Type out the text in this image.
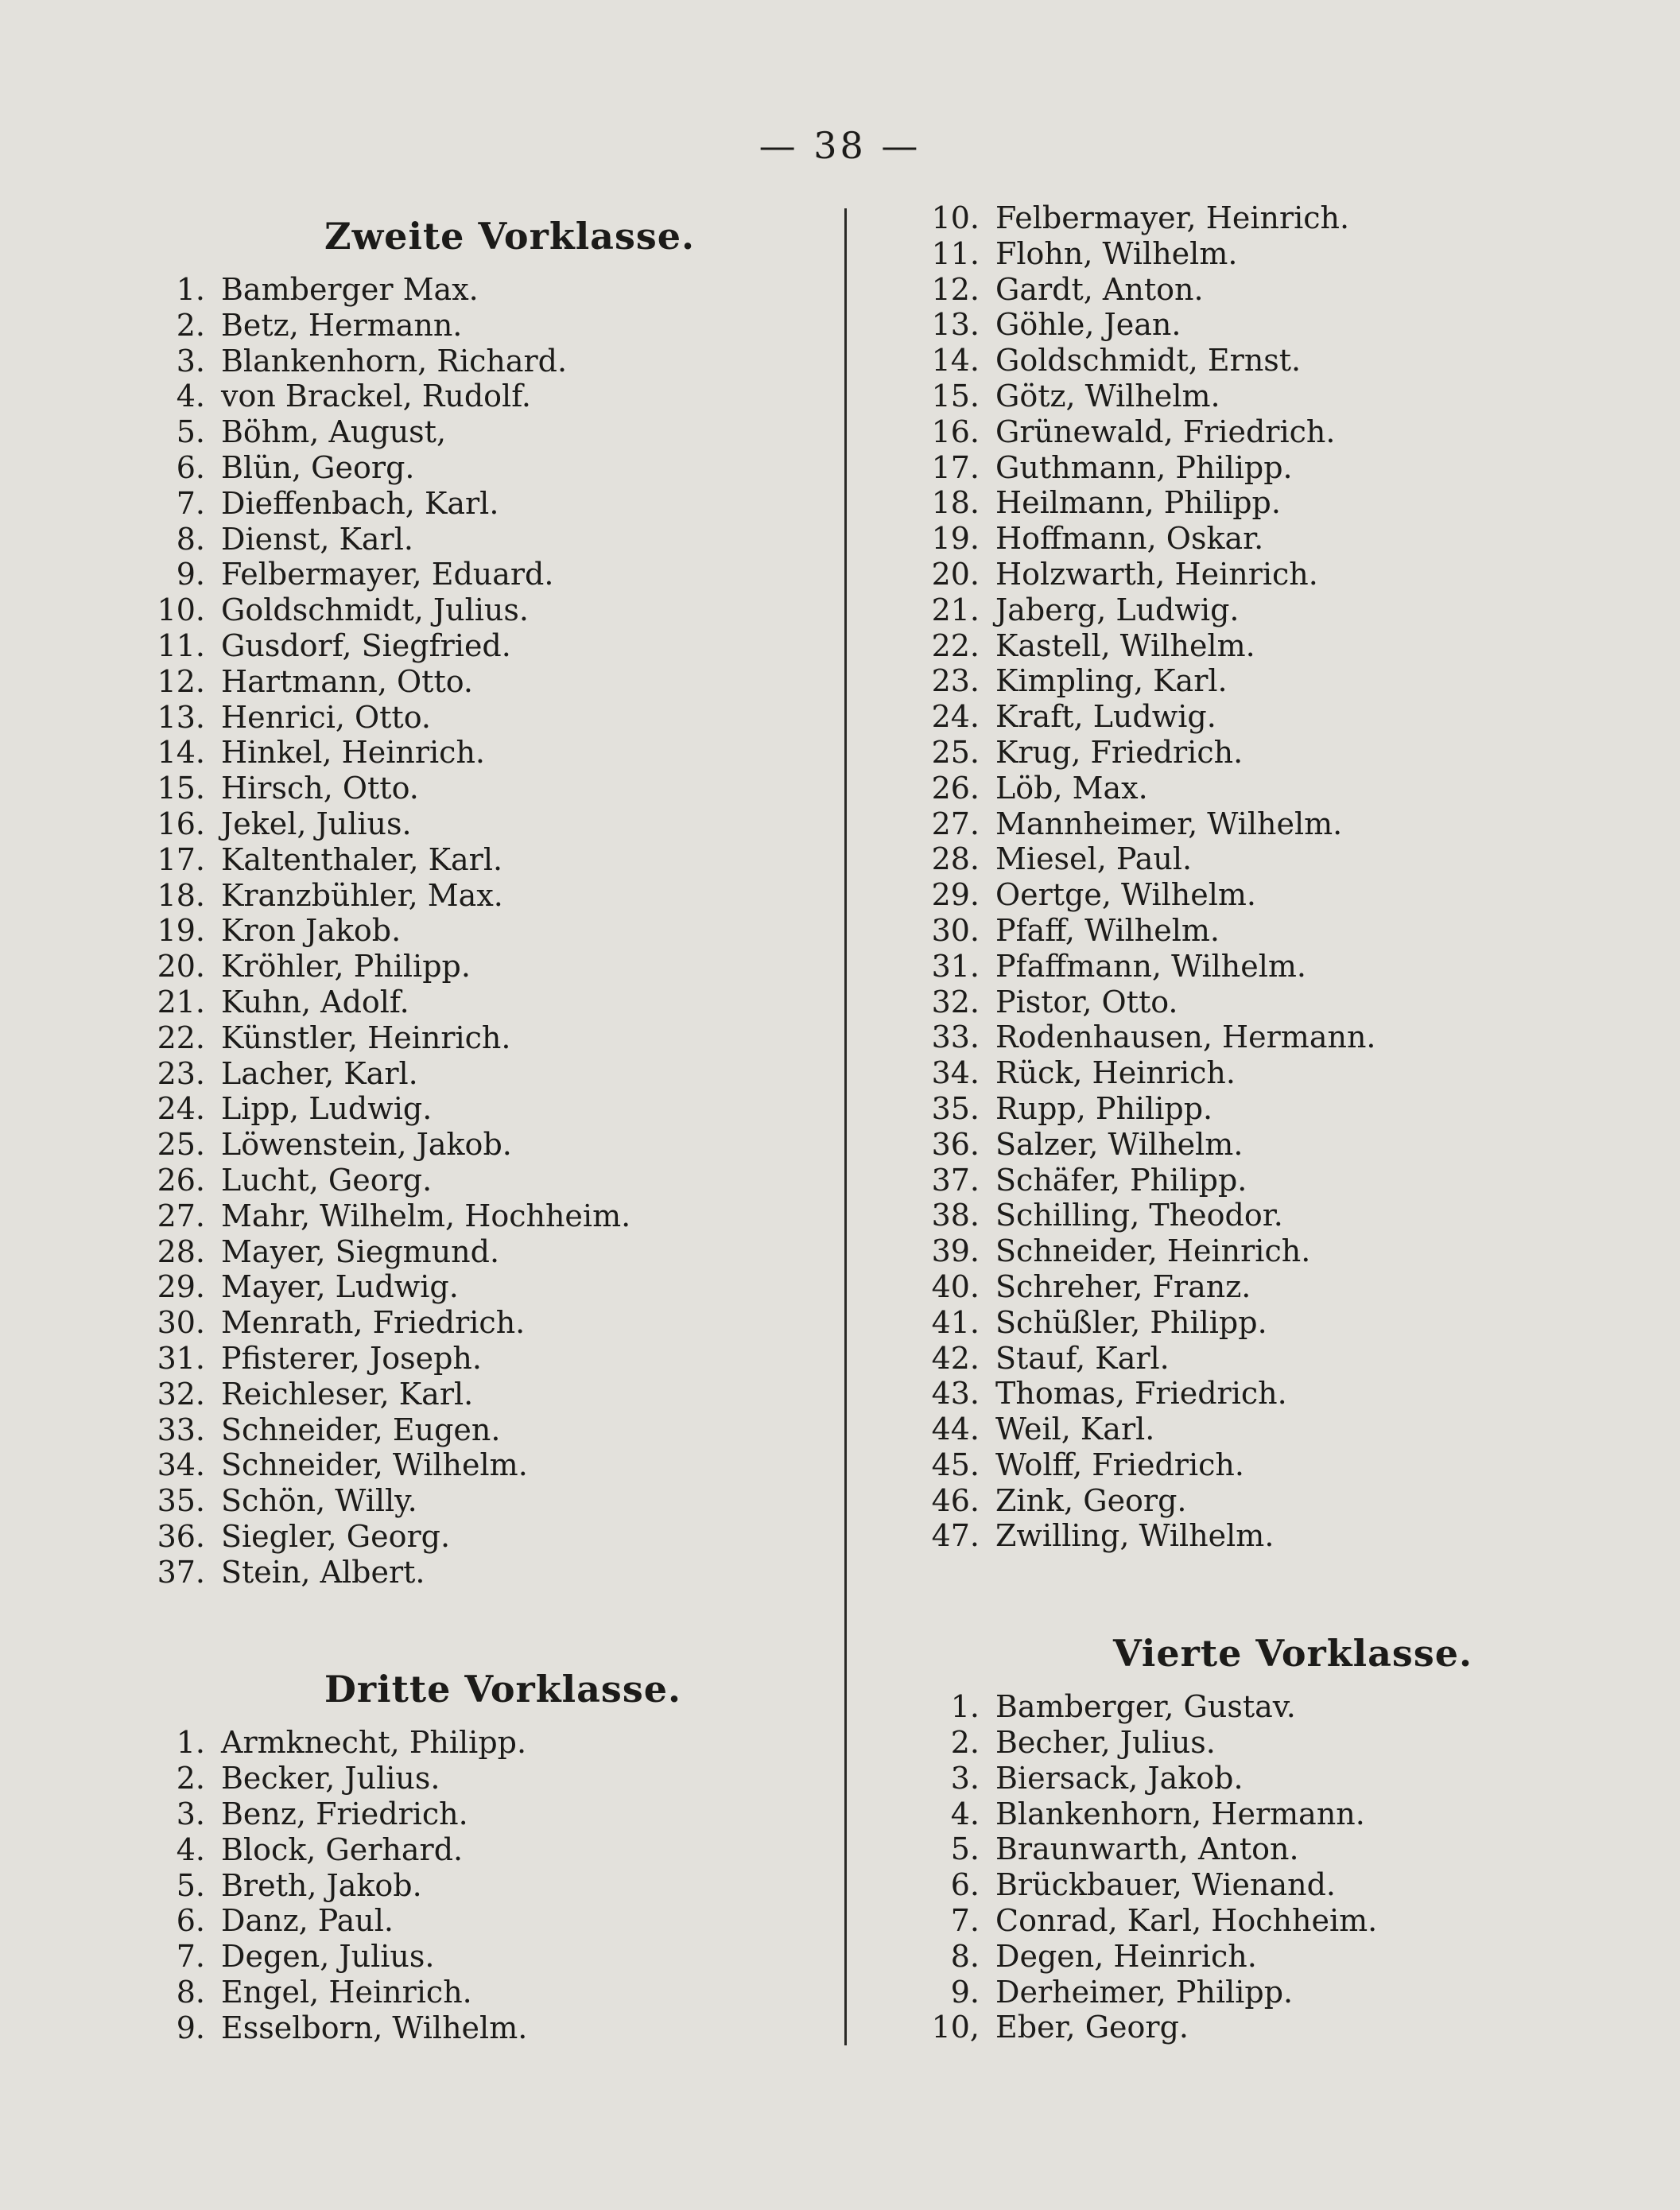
— 38 —
Zweite Vorklasse.
1. Bamberger Max.
2. Betz, Hermann.
3. Blankenhorn, Richard.
4. von Brackel, Rudolf.
5. Böhm, August,
6. Blün, Georg.
7. Dieffenbach, Karl.
8. Dienst, Karl.
9. Felbermayer, Eduard.
10. Goldschmidt, Julius.
11. Gusdorf, Siegfried.
12. Hartmann, Otto.
13. Henrici, Otto.
14. Hinkel, Heinrich.
15. Hirsch, Otto.
16. Jekel, Julius.
17. Kaltenthaler, Karl.
18. Kranzbühler, Max.
19. Kron Jakob.
20. Kröhler, Philipp.
21. Kuhn, Adolf.
22. Künstler, Heinrich.
23. Lacher, Karl.
24. Lipp, Ludwig.
25. Löwenstein, Jakob.
26. Lucht, Georg.
27. Mahr, Wilhelm, Hochheim.
28. Mayer, Siegmund.
29. Mayer, Ludwig.
30. Menrath, Friedrich.
31. Pfisterer, Joseph.
32. Reichleser, Karl.
33. Schneider, Eugen.
34. Schneider, Wilhelm.
35. Schön, Willy.
36. Siegler, Georg.
37. Stein, Albert.
Dritte Vorklasse.
1. Armknecht, Philipp.
2. Becker, Julius.
3. Benz, Friedrich.
4. Block, Gerhard.
5. Breth, Jakob.
6. Danz, Paul.
7. Degen, Julius.
8. Engel, Heinrich.
9. Esselborn, Wilhelm.
10. Felbermayer, Heinrich.
11. Flohn, Wilhelm.
12. Gardt, Anton.
13. Göhle, Jean.
14. Goldschmidt, Ernst.
15. Götz, Wilhelm.
16. Grünewald, Friedrich.
17. Guthmann, Philipp.
18. Heilmann, Philipp.
19. Hoffmann, Oskar.
20. Holzwarth, Heinrich.
21. Jaberg, Ludwig.
22. Kastell, Wilhelm.
23. Kimpling, Karl.
24. Kraft, Ludwig.
25. Krug, Friedrich.
26. Löb, Max.
27. Mannheimer, Wilhelm.
28. Miesel, Paul.
29. Oertge, Wilhelm.
30. Pfaff, Wilhelm.
31. Pfaffmann, Wilhelm.
32. Pistor, Otto.
33. Rodenhausen, Hermann.
34. Rück, Heinrich.
35. Rupp, Philipp.
36. Salzer, Wilhelm.
37. Schäfer, Philipp.
38. Schilling, Theodor.
39. Schneider, Heinrich.
40. Schreher, Franz.
41. Schüßler, Philipp.
42. Stauf, Karl.
43. Thomas, Friedrich.
44. Weil, Karl.
45. Wolff, Friedrich.
46. Zink, Georg.
47. Zwilling, Wilhelm.
Vierte Vorklasse.
1. Bamberger, Gustav.
2. Becher, Julius.
3. Biersack, Jakob.
4. Blankenhorn, Hermann.
5. Braunwarth, Anton.
6. Brückbauer, Wienand.
7. Conrad, Karl, Hochheim.
8. Degen, Heinrich.
9. Derheimer, Philipp.
10, Eber, Georg.
